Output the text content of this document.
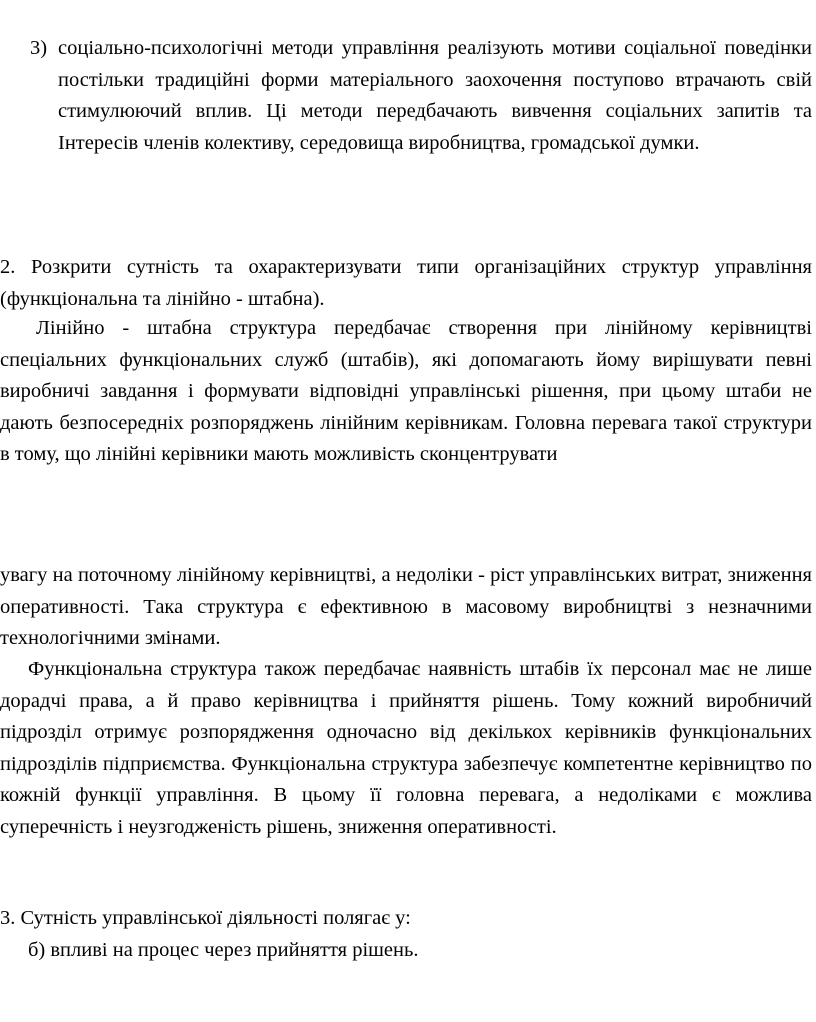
3) соціально-психологічні методи управління реалізують мотиви соціальної поведінки постільки традиційні форми матеріального заохочення поступово втрачають свій стимулюючий вплив. Ці методи передбачають вивчення соціальних запитів та Інтересів членів колективу, середовища виробництва, громадської думки.

2. Розкрити сутність та охарактеризувати типи організаційних структур управління (функціональна та лінійно - штабна).

Лінійно - штабна структура передбачає створення при лінійному керівництві спеціальних функціональних служб (штабів), які допомагають йому вирішувати певні виробничі завдання і формувати відповідні управлінські рішення, при цьому штаби не дають безпосередніх розпоряджень лінійним керівникам. Головна перевага такої структури в тому, що лінійні керівники мають можливість сконцентрувати

увагу на поточному лінійному керівництві, а недоліки - ріст управлінських витрат, зниження оперативності. Така структура є ефективною в масовому виробництві з незначними технологічними змінами.

Функціональна структура також передбачає наявність штабів їх персонал має не лише дорадчі права, а й право керівництва і прийняття рішень. Тому кожний виробничий підрозділ отримує розпорядження одночасно від декількох керівників функціональних підрозділів підприємства. Функціональна структура забезпечує компетентне керівництво по кожній функції управління. В цьому її головна перевага, а недоліками є можлива суперечність і неузгодженість рішень, зниження оперативності.

3. Сутність управлінської діяльності полягає у:

б) впливі на процес через прийняття рішень.
